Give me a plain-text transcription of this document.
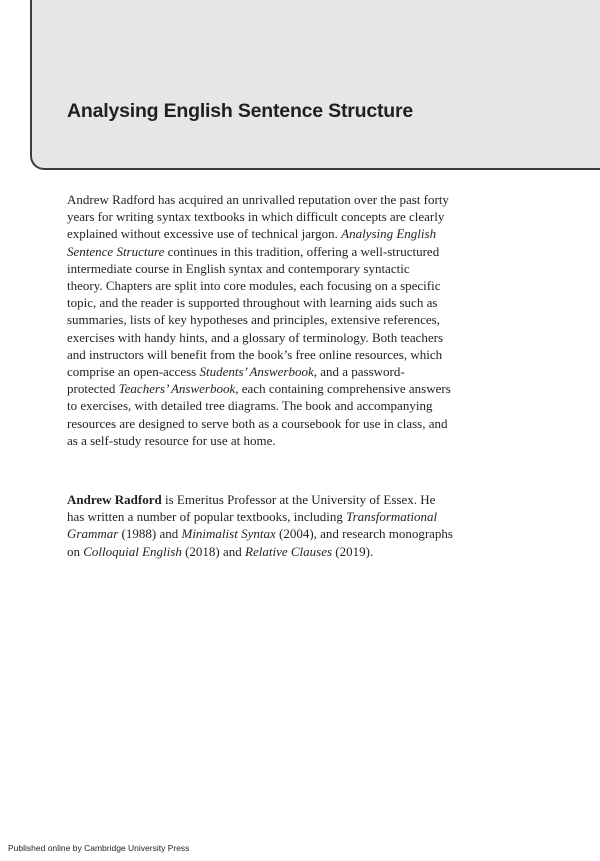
Analysing English Sentence Structure

Andrew Radford has acquired an unrivalled reputation over the past forty
years for writing syntax textbooks in which difficult concepts are clearly
explained without excessive use of technical jargon. Analysing English
Sentence Structure continues in this tradition, offering a well-structured
intermediate course in English syntax and contemporary syntactic
theory. Chapters are split into core modules, each focusing on a specific
topic, and the reader is supported throughout with learning aids such as
summaries, lists of key hypotheses and principles, extensive references,
exercises with handy hints, and a glossary of terminology. Both teachers
and instructors will benefit from the book’s free online resources, which
comprise an open-access Students’ Answerbook, and a password-
protected Teachers’ Answerbook, each containing comprehensive answers
to exercises, with detailed tree diagrams. The book and accompanying
resources are designed to serve both as a coursebook for use in class, and
as a self-study resource for use at home.

Andrew Radford is Emeritus Professor at the University of Essex. He
has written a number of popular textbooks, including Transformational
Grammar (1988) and Minimalist Syntax (2004), and research monographs
on Colloquial English (2018) and Relative Clauses (2019).

Published online by Cambridge University Press
